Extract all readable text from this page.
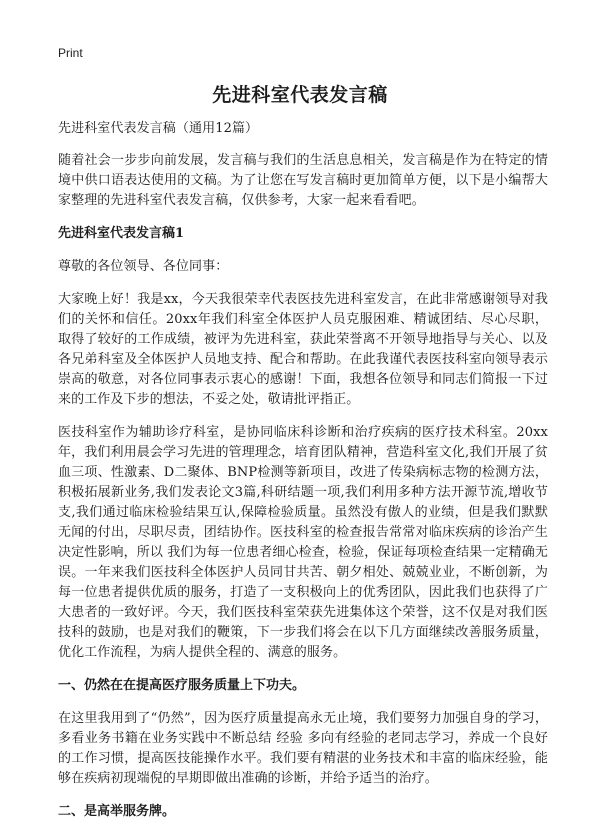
Print
先进科室代表发言稿

先进科室代表发言稿（通用12篇）

随着社会一步步向前发展，发言稿与我们的生活息息相关，发言稿是作为在特定的情境中供口语表达使用的文稿。为了让您在写发言稿时更加简单方便，以下是小编帮大家整理的先进科室代表发言稿，仅供参考，大家一起来看看吧。

先进科室代表发言稿1

尊敬的各位领导、各位同事：

大家晚上好！我是xx，今天我很荣幸代表医技先进科室发言，在此非常感谢领导对我们的关怀和信任。20xx年我们科室全体医护人员克服困难、精诚团结、尽心尽职，取得了较好的工作成绩，被评为先进科室，获此荣誉离不开领导地指导与关心、以及各兄弟科室及全体医护人员地支持、配合和帮助。在此我谨代表医技科室向领导表示崇高的敬意，对各位同事表示衷心的感谢！下面，我想各位领导和同志们简报一下过来的工作及下步的想法，不妥之处，敬请批评指正。

医技科室作为辅助诊疗科室，是协同临床科诊断和治疗疾病的医疗技术科室。20xx年，我们利用晨会学习先进的管理理念，培育团队精神，营造科室文化,我们开展了贫血三项、性激素、D二聚体、BNP检测等新项目，改进了传染病标志物的检测方法，积极拓展新业务,我们发表论文3篇,科研结题一项,我们利用多种方法开源节流,增收节支,我们通过临床检验结果互认,保障检验质量。虽然没有傲人的业绩，但是我们默默无闻的付出，尽职尽责，团结协作。医技科室的检查报告常常对临床疾病的诊治产生决定性影响，所以 我们为每一位患者细心检查，检验，保证每项检查结果一定精确无误。一年来我们医技科全体医护人员同甘共苦、朝夕相处、兢兢业业，不断创新，为每一位患者提供优质的服务，打造了一支积极向上的优秀团队，因此我们也获得了广大患者的一致好评。今天，我们医技科室荣获先进集体这个荣誉，这不仅是对我们医技科的鼓励，也是对我们的鞭策，下一步我们将会在以下几方面继续改善服务质量，优化工作流程，为病人提供全程的、满意的服务。

一、仍然在在提高医疗服务质量上下功夫。

在这里我用到了“仍然”，因为医疗质量提高永无止境，我们要努力加强自身的学习，多看业务书籍在业务实践中不断总结 经验 多向有经验的老同志学习，养成一个良好的工作习惯，提高医技能操作水平。我们要有精湛的业务技术和丰富的临床经验，能够在疾病初现端倪的早期即做出准确的诊断，并给予适当的治疗。

二、是高举服务牌。
